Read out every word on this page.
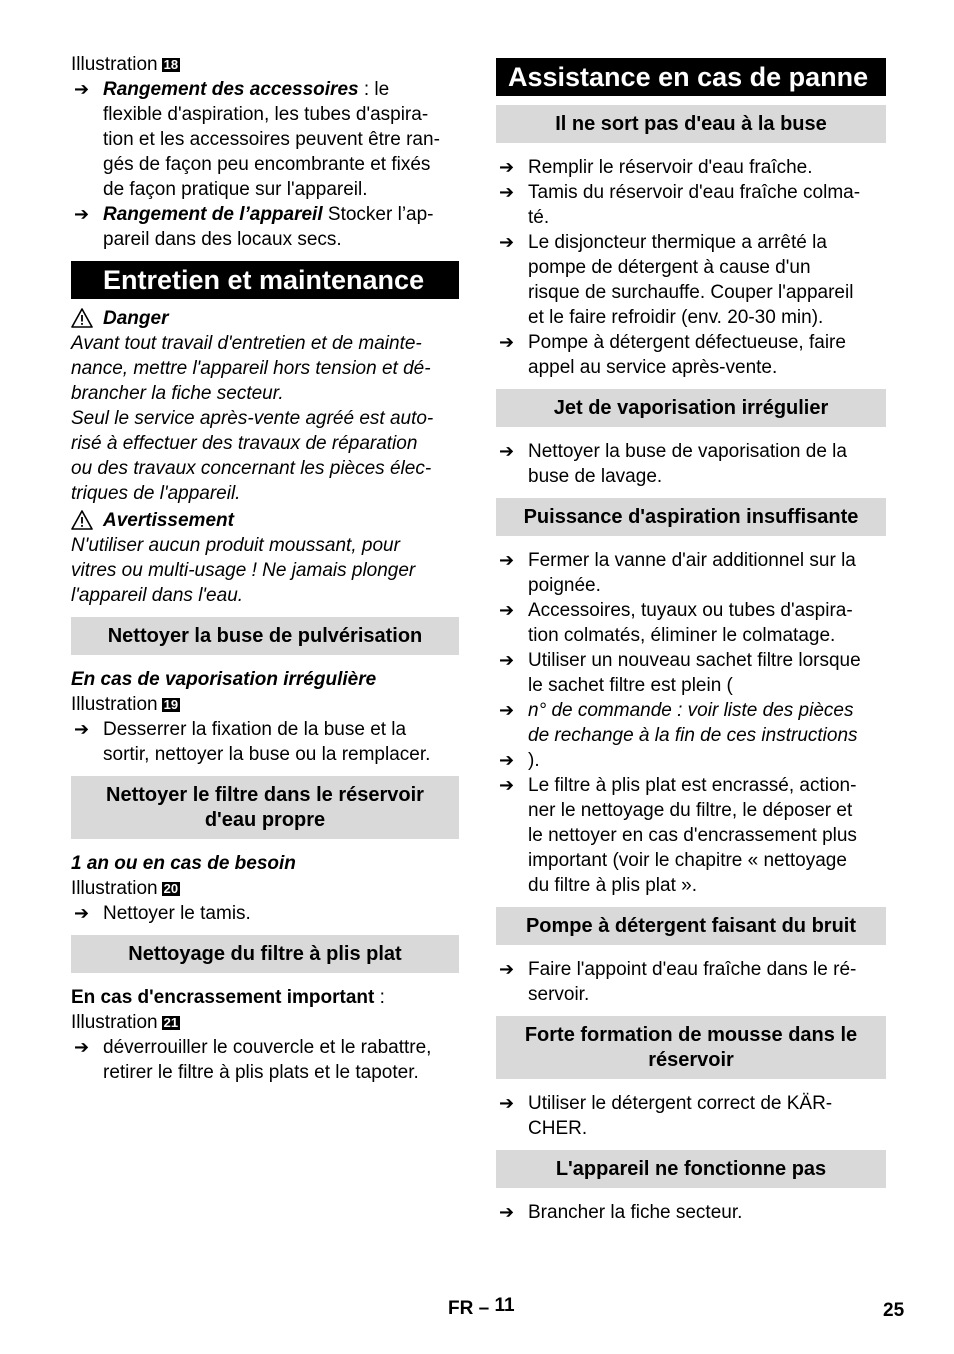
Illustration 18
➔ Rangement des accessoires : le
flexible d'aspiration, les tubes d'aspira-
tion et les accessoires peuvent être ran-
gés de façon peu encombrante et fixés
de façon pratique sur l'appareil.
➔ Rangement de l’appareil Stocker l’ap-
pareil dans des locaux secs.
Entretien et maintenance
Danger
Avant tout travail d'entretien et de mainte-
nance, mettre l'appareil hors tension et dé-
brancher la fiche secteur.
Seul le service après-vente agréé est auto-
risé à effectuer des travaux de réparation
ou des travaux concernant les pièces élec-
triques de l'appareil.
Avertissement
N'utiliser aucun produit moussant, pour
vitres ou multi-usage ! Ne jamais plonger
l'appareil dans l'eau.
Nettoyer la buse de pulvérisation
En cas de vaporisation irrégulière
Illustration 19
➔ Desserrer la fixation de la buse et la
sortir, nettoyer la buse ou la remplacer.
Nettoyer le filtre dans le réservoir
d'eau propre
1 an ou en cas de besoin
Illustration 20
➔ Nettoyer le tamis.
Nettoyage du filtre à plis plat
En cas d'encrassement important :
Illustration 21
➔ déverrouiller le couvercle et le rabattre,
retirer le filtre à plis plats et le tapoter.
Assistance en cas de panne
Il ne sort pas d'eau à la buse
➔ Remplir le réservoir d'eau fraîche.
➔ Tamis du réservoir d'eau fraîche colma-
té.
➔ Le disjoncteur thermique a arrêté la
pompe de détergent à cause d'un
risque de surchauffe. Couper l'appareil
et le faire refroidir (env. 20-30 min).
➔ Pompe à détergent défectueuse, faire
appel au service après-vente.
Jet de vaporisation irrégulier
➔ Nettoyer la buse de vaporisation de la
buse de lavage.
Puissance d'aspiration insuffisante
➔ Fermer la vanne d'air additionnel sur la
poignée.
➔ Accessoires, tuyaux ou tubes d'aspira-
tion colmatés, éliminer le colmatage.
➔ Utiliser un nouveau sachet filtre lorsque
le sachet filtre est plein (
➔ n° de commande : voir liste des pièces
de rechange à la fin de ces instructions
➔ ).
➔ Le filtre à plis plat est encrassé, action-
ner le nettoyage du filtre, le déposer et
le nettoyer en cas d'encrassement plus
important (voir le chapitre « nettoyage
du filtre à plis plat ».
Pompe à détergent faisant du bruit
➔ Faire l'appoint d'eau fraîche dans le ré-
servoir.
Forte formation de mousse dans le
réservoir
➔ Utiliser le détergent correct de KÄR-
CHER.
L'appareil ne fonctionne pas
➔ Brancher la fiche secteur.
FR – 11	25
